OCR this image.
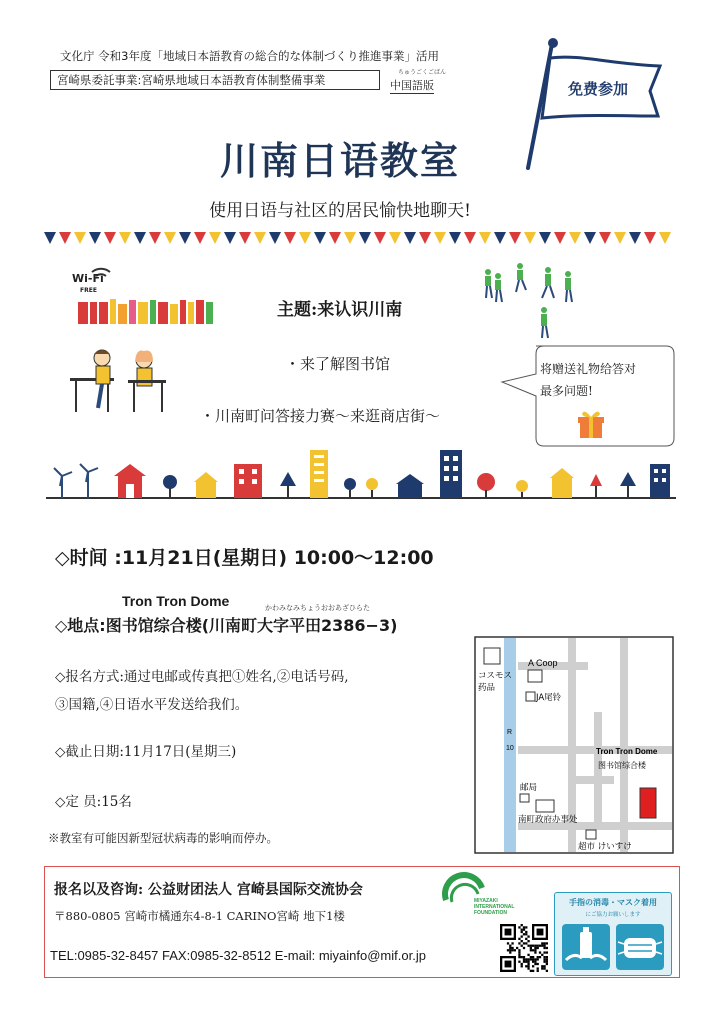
文化庁 令和3年度「地域日本語教育の総合的な体制づくり推進事業」活用
宮崎県委託事業:宮崎県地域日本語教育体制整備事業
ちゅうごくごばん
中国語版	免费参加
川南日语教室
使用日语与社区的居民愉快地聊天!
Wi-Fi
FREE
主题:来认识川南
・来了解图书馆
・川南町问答接力赛〜来逛商店街〜
将赠送礼物给答对
最多问题!
◇时间 :11月21日(星期日) 10:00〜12:00
Tron Tron Dome	かわみなみちょうおおあざひらた
◇地点:图书馆综合楼(川南町大字平田2386−3)
◇报名方式:通过电邮或传真把①姓名,②电话号码,
③国籍,④日语水平发送给我们。
◇截止日期:11月17日(星期三)
◇定 员:15名
※教室有可能因新型冠状病毒的影响而停办。
コスモス
药品
A Coop
JA尾铃
R
10	Tron Tron Dome
图书馆综合楼
邮局
南町政府办事处
超市 けいすけ
报名以及咨询: 公益财团法人 宫崎县国际交流协会
〒880-0805 宮崎市橘通东4-8-1 CARINO宮崎 地下1楼
TEL:0985-32-8457 FAX:0985-32-8512 E-mail: miyainfo@mif.or.jp
MIYAZAKI
INTERNATIONAL
FOUNDATION
手指の消毒・マスク着用
にご協力お願いします
